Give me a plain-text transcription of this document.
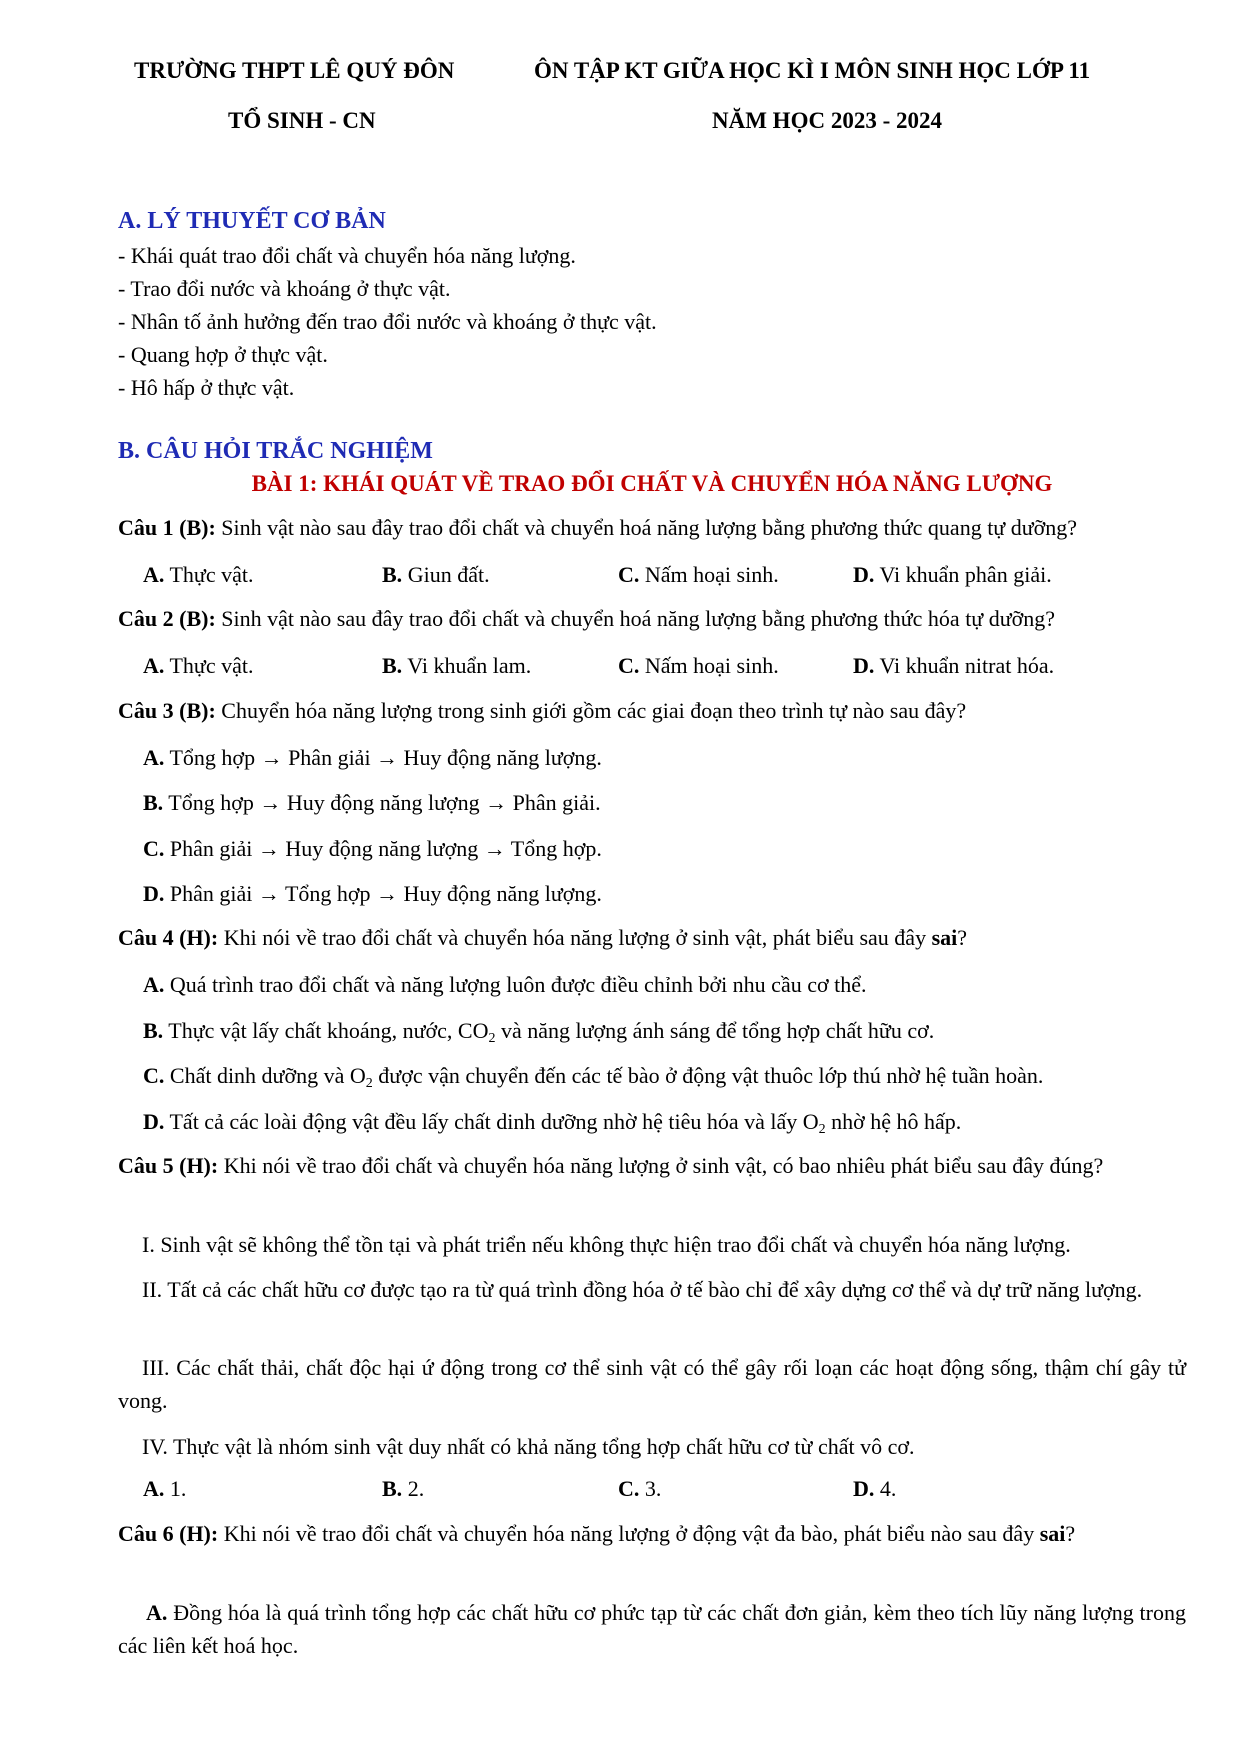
TRƯỜNG THPT LÊ QUÝ ĐÔN
TỔ SINH - CN
ÔN TẬP KT GIỮA HỌC KÌ I MÔN SINH HỌC LỚP 11
NĂM HỌC 2023 - 2024
A. LÝ THUYẾT CƠ BẢN
- Khái quát trao đổi chất và chuyển hóa năng lượng.
- Trao đổi nước và khoáng ở thực vật.
- Nhân tố ảnh hưởng đến trao đổi nước và khoáng ở thực vật.
- Quang hợp ở thực vật.
- Hô hấp ở thực vật.
B. CÂU HỎI TRẮC NGHIỆM
BÀI 1: KHÁI QUÁT VỀ TRAO ĐỔI CHẤT VÀ CHUYỂN HÓA NĂNG LƯỢNG
Câu 1 (B): Sinh vật nào sau đây trao đổi chất và chuyển hoá năng lượng bằng phương thức quang tự dưỡng?
A. Thực vật.	B. Giun đất.	C. Nấm hoại sinh.	D. Vi khuẩn phân giải.
Câu 2 (B): Sinh vật nào sau đây trao đổi chất và chuyển hoá năng lượng bằng phương thức hóa tự dưỡng?
A. Thực vật.	B. Vi khuẩn lam.	C. Nấm hoại sinh.	D. Vi khuẩn nitrat hóa.
Câu 3 (B): Chuyển hóa năng lượng trong sinh giới gồm các giai đoạn theo trình tự nào sau đây?
A. Tổng hợp → Phân giải → Huy động năng lượng.
B. Tổng hợp → Huy động năng lượng → Phân giải.
C. Phân giải → Huy động năng lượng → Tổng hợp.
D. Phân giải → Tổng hợp → Huy động năng lượng.
Câu 4 (H): Khi nói về trao đổi chất và chuyển hóa năng lượng ở sinh vật, phát biểu sau đây sai?
A. Quá trình trao đổi chất và năng lượng luôn được điều chỉnh bởi nhu cầu cơ thể.
B. Thực vật lấy chất khoáng, nước, $CO_2$ và năng lượng ánh sáng để tổng hợp chất hữu cơ.
C. Chất dinh dưỡng và $O_2$ được vận chuyển đến các tế bào ở động vật thuôc lớp thú nhờ hệ tuần hoàn.
D. Tất cả các loài động vật đều lấy chất dinh dưỡng nhờ hệ tiêu hóa và lấy $O_2$ nhờ hệ hô hấp.
Câu 5 (H): Khi nói về trao đổi chất và chuyển hóa năng lượng ở sinh vật, có bao nhiêu phát biểu sau đây đúng?
I. Sinh vật sẽ không thể tồn tại và phát triển nếu không thực hiện trao đổi chất và chuyển hóa năng lượng.
II. Tất cả các chất hữu cơ được tạo ra từ quá trình đồng hóa ở tế bào chỉ để xây dựng cơ thể và dự trữ năng lượng.
III. Các chất thải, chất độc hại ứ động trong cơ thể sinh vật có thể gây rối loạn các hoạt động sống, thậm chí gây tử vong.
IV. Thực vật là nhóm sinh vật duy nhất có khả năng tổng hợp chất hữu cơ từ chất vô cơ.
A. 1.	B. 2.	C. 3.	D. 4.
Câu 6 (H): Khi nói về trao đổi chất và chuyển hóa năng lượng ở động vật đa bào, phát biểu nào sau đây sai?
A. Đồng hóa là quá trình tổng hợp các chất hữu cơ phức tạp từ các chất đơn giản, kèm theo tích lũy năng lượng trong các liên kết hoá học.
